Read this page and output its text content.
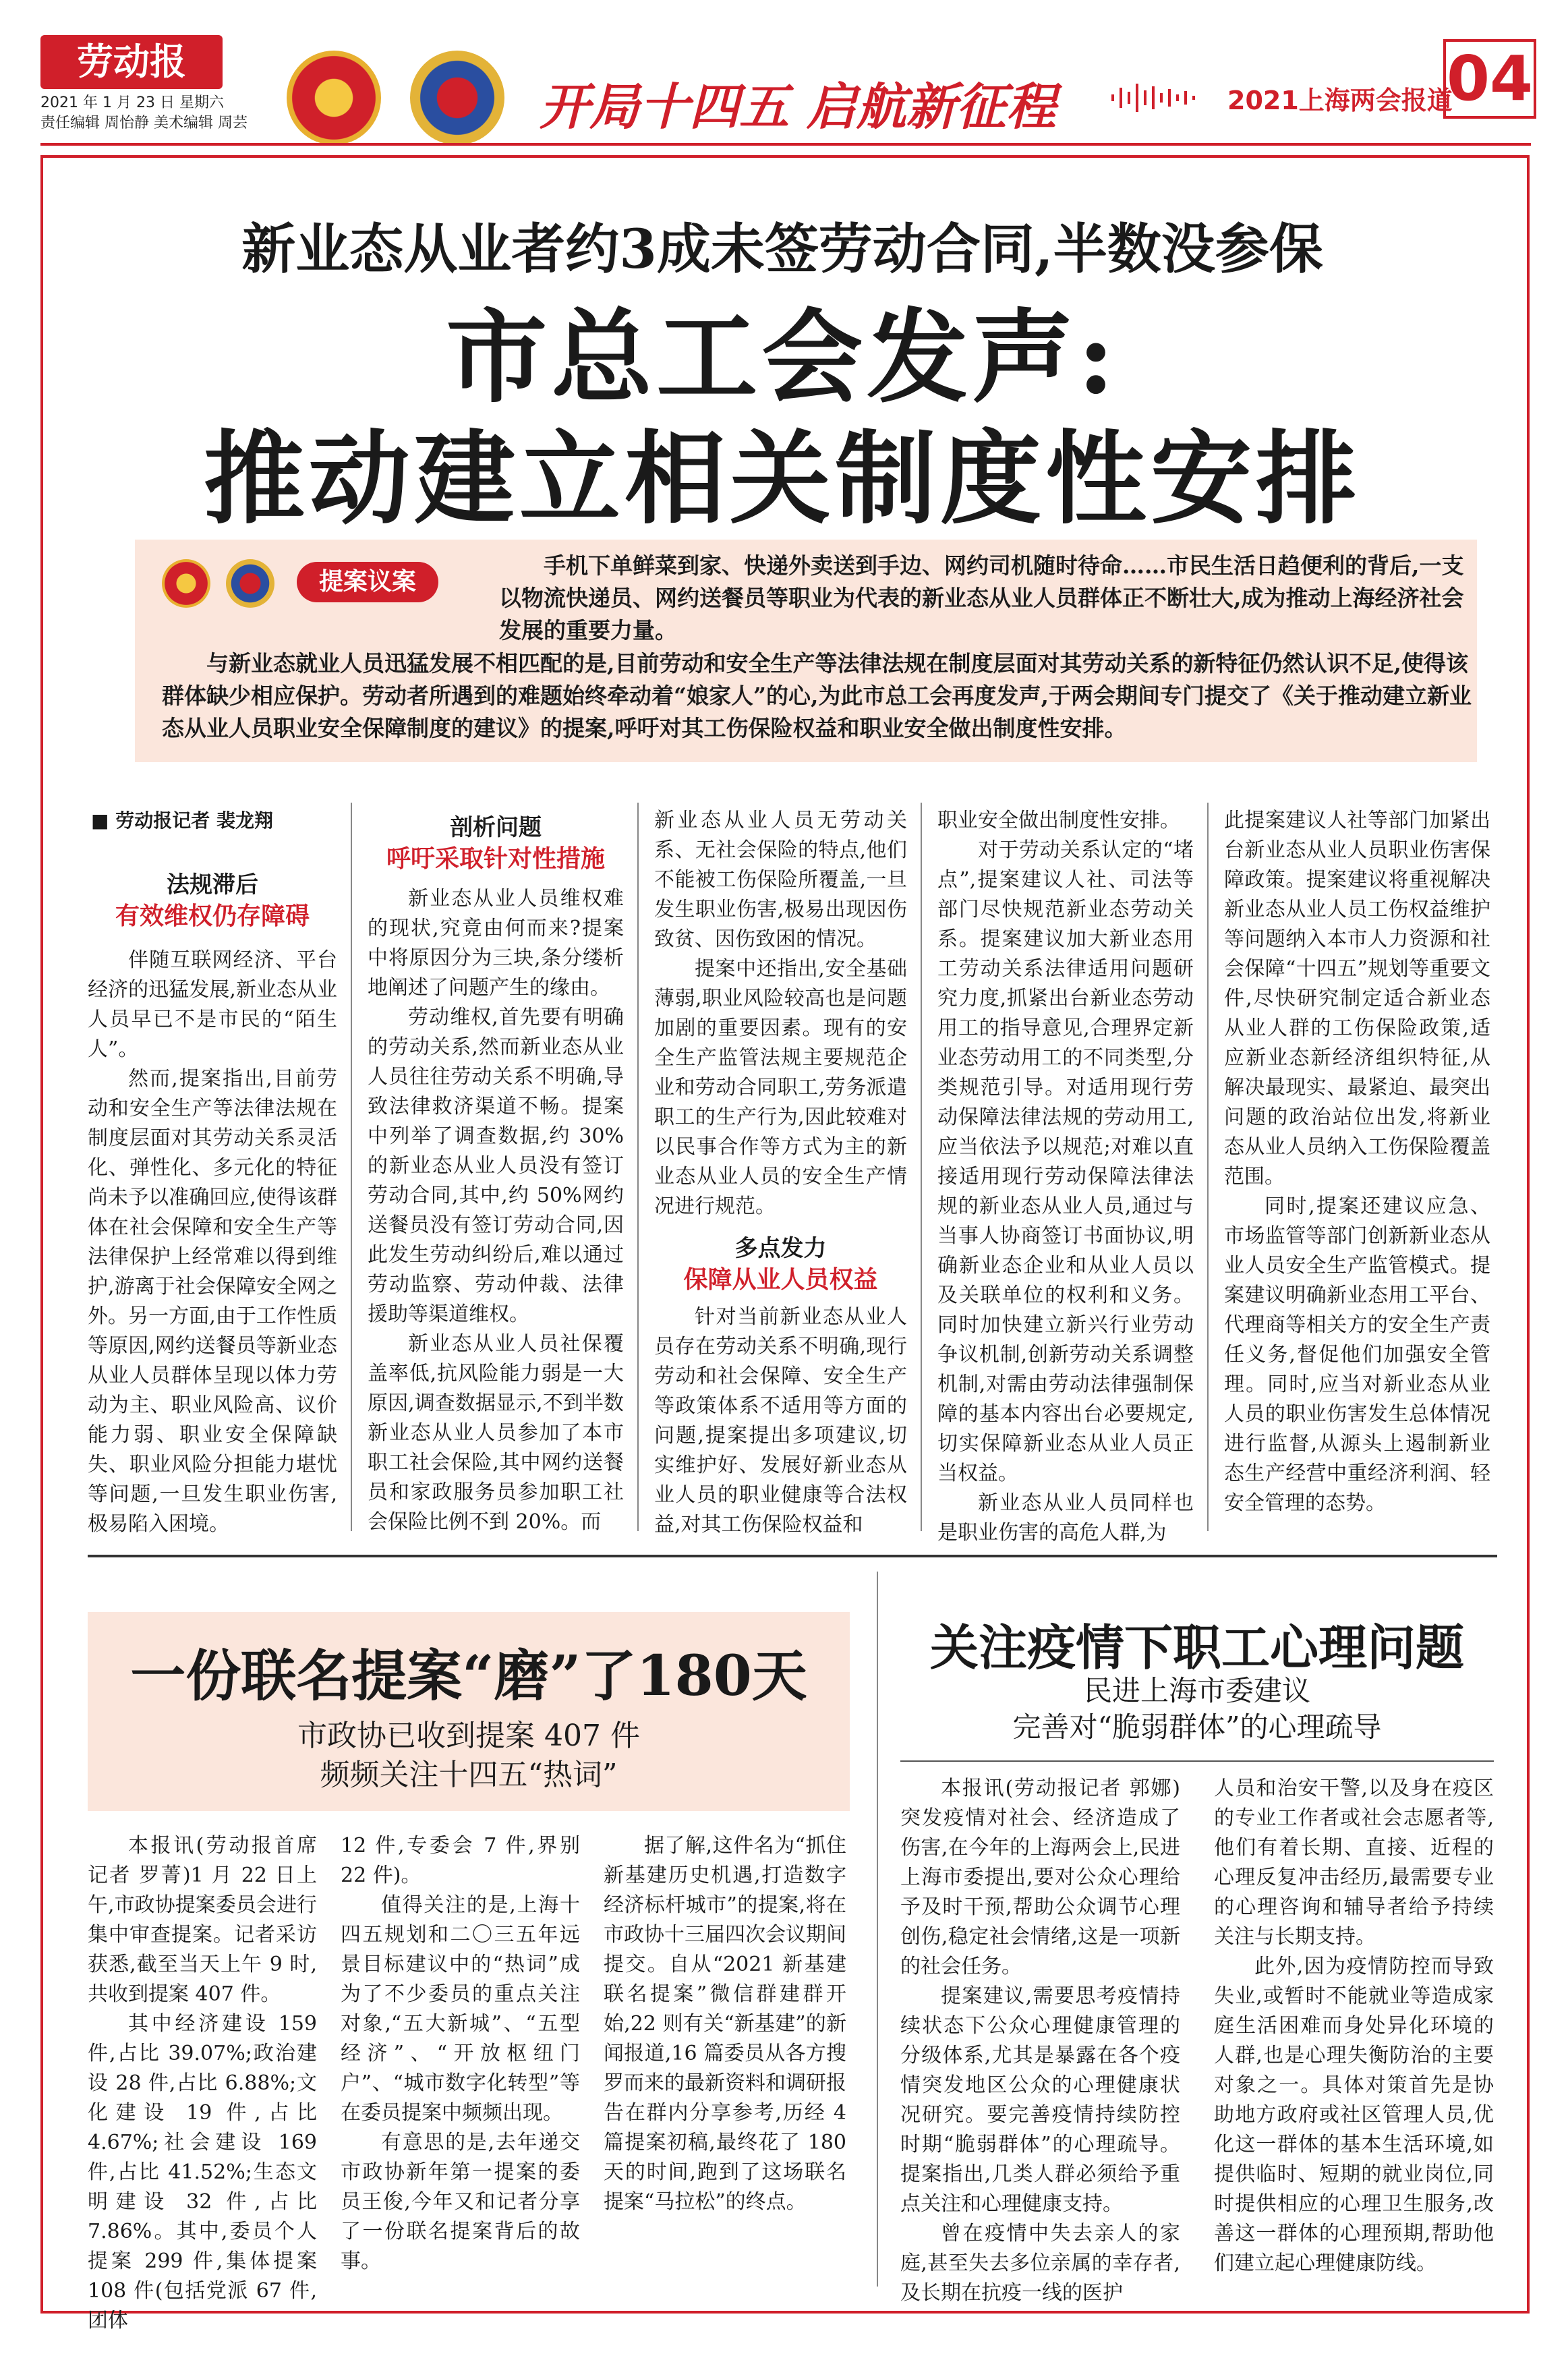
劳动报
2021 年 1 月 23 日 星期六
责任编辑 周怡静 美术编辑 周芸	开局十四五 启航新征程	2021上海两会报道
04
新业态从业者约3成未签劳动合同,半数没参保
市总工会发声:
推动建立相关制度性安排
提案议案
手机下单鲜菜到家、快递外卖送到手边、网约司机随时待命……市民生活日趋便利的背后,一支以物流快递员、网约送餐员等职业为代表的新业态从业人员群体正不断壮大,成为推动上海经济社会发展的重要力量。
与新业态就业人员迅猛发展不相匹配的是,目前劳动和安全生产等法律法规在制度层面对其劳动关系的新特征仍然认识不足,使得该群体缺少相应保护。劳动者所遇到的难题始终牵动着“娘家人”的心,为此市总工会再度发声,于两会期间专门提交了《关于推动建立新业态从业人员职业安全保障制度的建议》的提案,呼吁对其工伤保险权益和职业安全做出制度性安排。
■ 劳动报记者 裴龙翔
法规滞后
有效维权仍存障碍

伴随互联网经济、平台经济的迅猛发展,新业态从业人员早已不是市民的“陌生人”。

然而,提案指出,目前劳动和安全生产等法律法规在制度层面对其劳动关系灵活化、弹性化、多元化的特征尚未予以准确回应,使得该群体在社会保障和安全生产等法律保护上经常难以得到维护,游离于社会保障安全网之外。另一方面,由于工作性质等原因,网约送餐员等新业态从业人员群体呈现以体力劳动为主、职业风险高、议价能力弱、职业安全保障缺失、职业风险分担能力堪忧等问题,一旦发生职业伤害,极易陷入困境。

剖析问题
呼吁采取针对性措施

新业态从业人员维权难的现状,究竟由何而来?提案中将原因分为三块,条分缕析地阐述了问题产生的缘由。

劳动维权,首先要有明确的劳动关系,然而新业态从业人员往往劳动关系不明确,导致法律救济渠道不畅。提案中列举了调查数据,约 30%的新业态从业人员没有签订劳动合同,其中,约 50%网约送餐员没有签订劳动合同,因此发生劳动纠纷后,难以通过劳动监察、劳动仲裁、法律援助等渠道维权。

新业态从业人员社保覆盖率低,抗风险能力弱是一大原因,调查数据显示,不到半数新业态从业人员参加了本市职工社会保险,其中网约送餐员和家政服务员参加职工社会保险比例不到 20%。而

新业态从业人员无劳动关系、无社会保险的特点,他们不能被工伤保险所覆盖,一旦发生职业伤害,极易出现因伤致贫、因伤致困的情况。

提案中还指出,安全基础薄弱,职业风险较高也是问题加剧的重要因素。现有的安全生产监管法规主要规范企业和劳动合同职工,劳务派遣职工的生产行为,因此较难对以民事合作等方式为主的新业态从业人员的安全生产情况进行规范。

多点发力
保障从业人员权益

针对当前新业态从业人员存在劳动关系不明确,现行劳动和社会保障、安全生产等政策体系不适用等方面的问题,提案提出多项建议,切实维护好、发展好新业态从业人员的职业健康等合法权益,对其工伤保险权益和

职业安全做出制度性安排。

对于劳动关系认定的“堵点”,提案建议人社、司法等部门尽快规范新业态劳动关系。提案建议加大新业态用工劳动关系法律适用问题研究力度,抓紧出台新业态劳动用工的指导意见,合理界定新业态劳动用工的不同类型,分类规范引导。对适用现行劳动保障法律法规的劳动用工,应当依法予以规范;对难以直接适用现行劳动保障法律法规的新业态从业人员,通过与当事人协商签订书面协议,明确新业态企业和从业人员以及关联单位的权利和义务。同时加快建立新兴行业劳动争议机制,创新劳动关系调整机制,对需由劳动法律强制保障的基本内容出台必要规定,切实保障新业态从业人员正当权益。

新业态从业人员同样也是职业伤害的高危人群,为

此提案建议人社等部门加紧出台新业态从业人员职业伤害保障政策。提案建议将重视解决新业态从业人员工伤权益维护等问题纳入本市人力资源和社会保障“十四五”规划等重要文件,尽快研究制定适合新业态从业人群的工伤保险政策,适应新业态新经济组织特征,从解决最现实、最紧迫、最突出问题的政治站位出发,将新业态从业人员纳入工伤保险覆盖范围。

同时,提案还建议应急、市场监管等部门创新新业态从业人员安全生产监管模式。提案建议明确新业态用工平台、代理商等相关方的安全生产责任义务,督促他们加强安全管理。同时,应当对新业态从业人员的职业伤害发生总体情况进行监督,从源头上遏制新业态生产经营中重经济利润、轻安全管理的态势。

一份联名提案“磨”了180天
市政协已收到提案 407 件
频频关注十四五“热词”

本报讯(劳动报首席记者 罗菁)1 月 22 日上午,市政协提案委员会进行集中审查提案。记者采访获悉,截至当天上午 9 时,共收到提案 407 件。

其中经济建设 159 件,占比 39.07%;政治建设 28 件,占比 6.88%;文化建设 19 件,占比 4.67%;社会建设 169 件,占比 41.52%;生态文明建设 32 件,占比 7.86%。其中,委员个人提案 299 件,集体提案 108 件(包括党派 67 件,团体

12 件,专委会 7 件,界别 22 件)。

值得关注的是,上海十四五规划和二〇三五年远景目标建议中的“热词”成为了不少委员的重点关注对象,“五大新城”、“五型经济”、“开放枢纽门户”、“城市数字化转型”等在委员提案中频频出现。

有意思的是,去年递交市政协新年第一提案的委员王俊,今年又和记者分享了一份联名提案背后的故事。

据了解,这件名为“抓住新基建历史机遇,打造数字经济标杆城市”的提案,将在市政协十三届四次会议期间提交。自从“2021 新基建联名提案”微信群建群开始,22 则有关“新基建”的新闻报道,16 篇委员从各方搜罗而来的最新资料和调研报告在群内分享参考,历经 4 篇提案初稿,最终花了 180 天的时间,跑到了这场联名提案“马拉松”的终点。

关注疫情下职工心理问题
民进上海市委建议
完善对“脆弱群体”的心理疏导

本报讯(劳动报记者 郭娜)突发疫情对社会、经济造成了伤害,在今年的上海两会上,民进上海市委提出,要对公众心理给予及时干预,帮助公众调节心理创伤,稳定社会情绪,这是一项新的社会任务。

提案建议,需要思考疫情持续状态下公众心理健康管理的分级体系,尤其是暴露在各个疫情突发地区公众的心理健康状况研究。要完善疫情持续防控时期“脆弱群体”的心理疏导。提案指出,几类人群必须给予重点关注和心理健康支持。

曾在疫情中失去亲人的家庭,甚至失去多位亲属的幸存者,及长期在抗疫一线的医护

人员和治安干警,以及身在疫区的专业工作者或社会志愿者等,他们有着长期、直接、近程的心理反复冲击经历,最需要专业的心理咨询和辅导者给予持续关注与长期支持。

此外,因为疫情防控而导致失业,或暂时不能就业等造成家庭生活困难而身处异化环境的人群,也是心理失衡防治的主要对象之一。具体对策首先是协助地方政府或社区管理人员,优化这一群体的基本生活环境,如提供临时、短期的就业岗位,同时提供相应的心理卫生服务,改善这一群体的心理预期,帮助他们建立起心理健康防线。
